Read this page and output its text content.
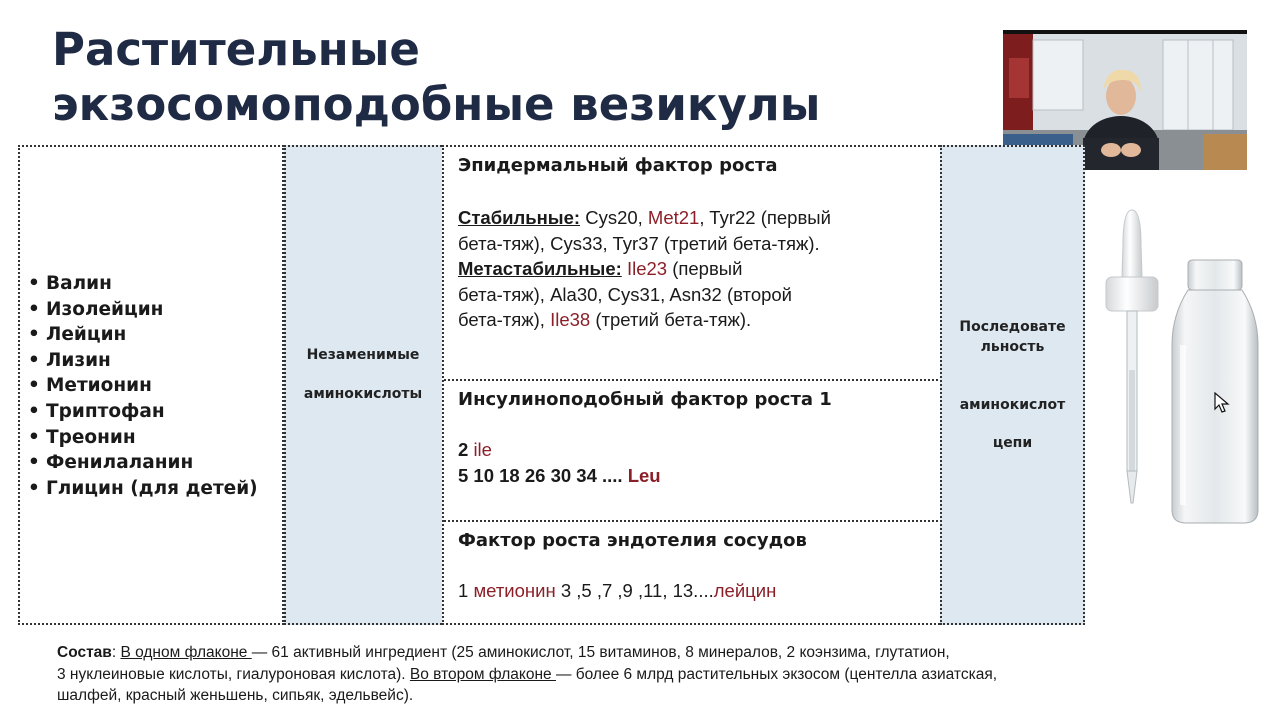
Растительные
экзосомоподобные везикулы
• Валин
• Изолейцин
• Лейцин
• Лизин
• Метионин
• Триптофан
• Треонин
• Фенилаланин
• Глицин (для детей)
Незаменимые
аминокислоты
Эпидермальный фактор роста
Стабильные: Cys20, Met21, Tyr22 (первый
бета-тяж), Cys33, Tyr37 (третий бета-тяж).
Метастабильные: Ile23 (первый
бета-тяж), Ala30, Cys31, Asn32 (второй
бета-тяж), Ile38 (третий бета-тяж).
Инсулиноподобный фактор роста 1
2 ile
5 10 18 26 30 34 .... Leu
Фактор роста эндотелия сосудов
1 метионин 3 ,5 ,7 ,9 ,11, 13....лейцин
Последовате
льность
аминокислот
цепи
Состав: В одном флаконе — 61 активный ингредиент (25 аминокислот, 15 витаминов, 8 минералов, 2 коэнзима, глутатион,
3 нуклеиновые кислоты, гиалуроновая кислота). Во втором флаконе — более 6 млрд растительных экзосом (центелла азиатская,
шалфей, красный женьшень, сипьяк, эдельвейс).
